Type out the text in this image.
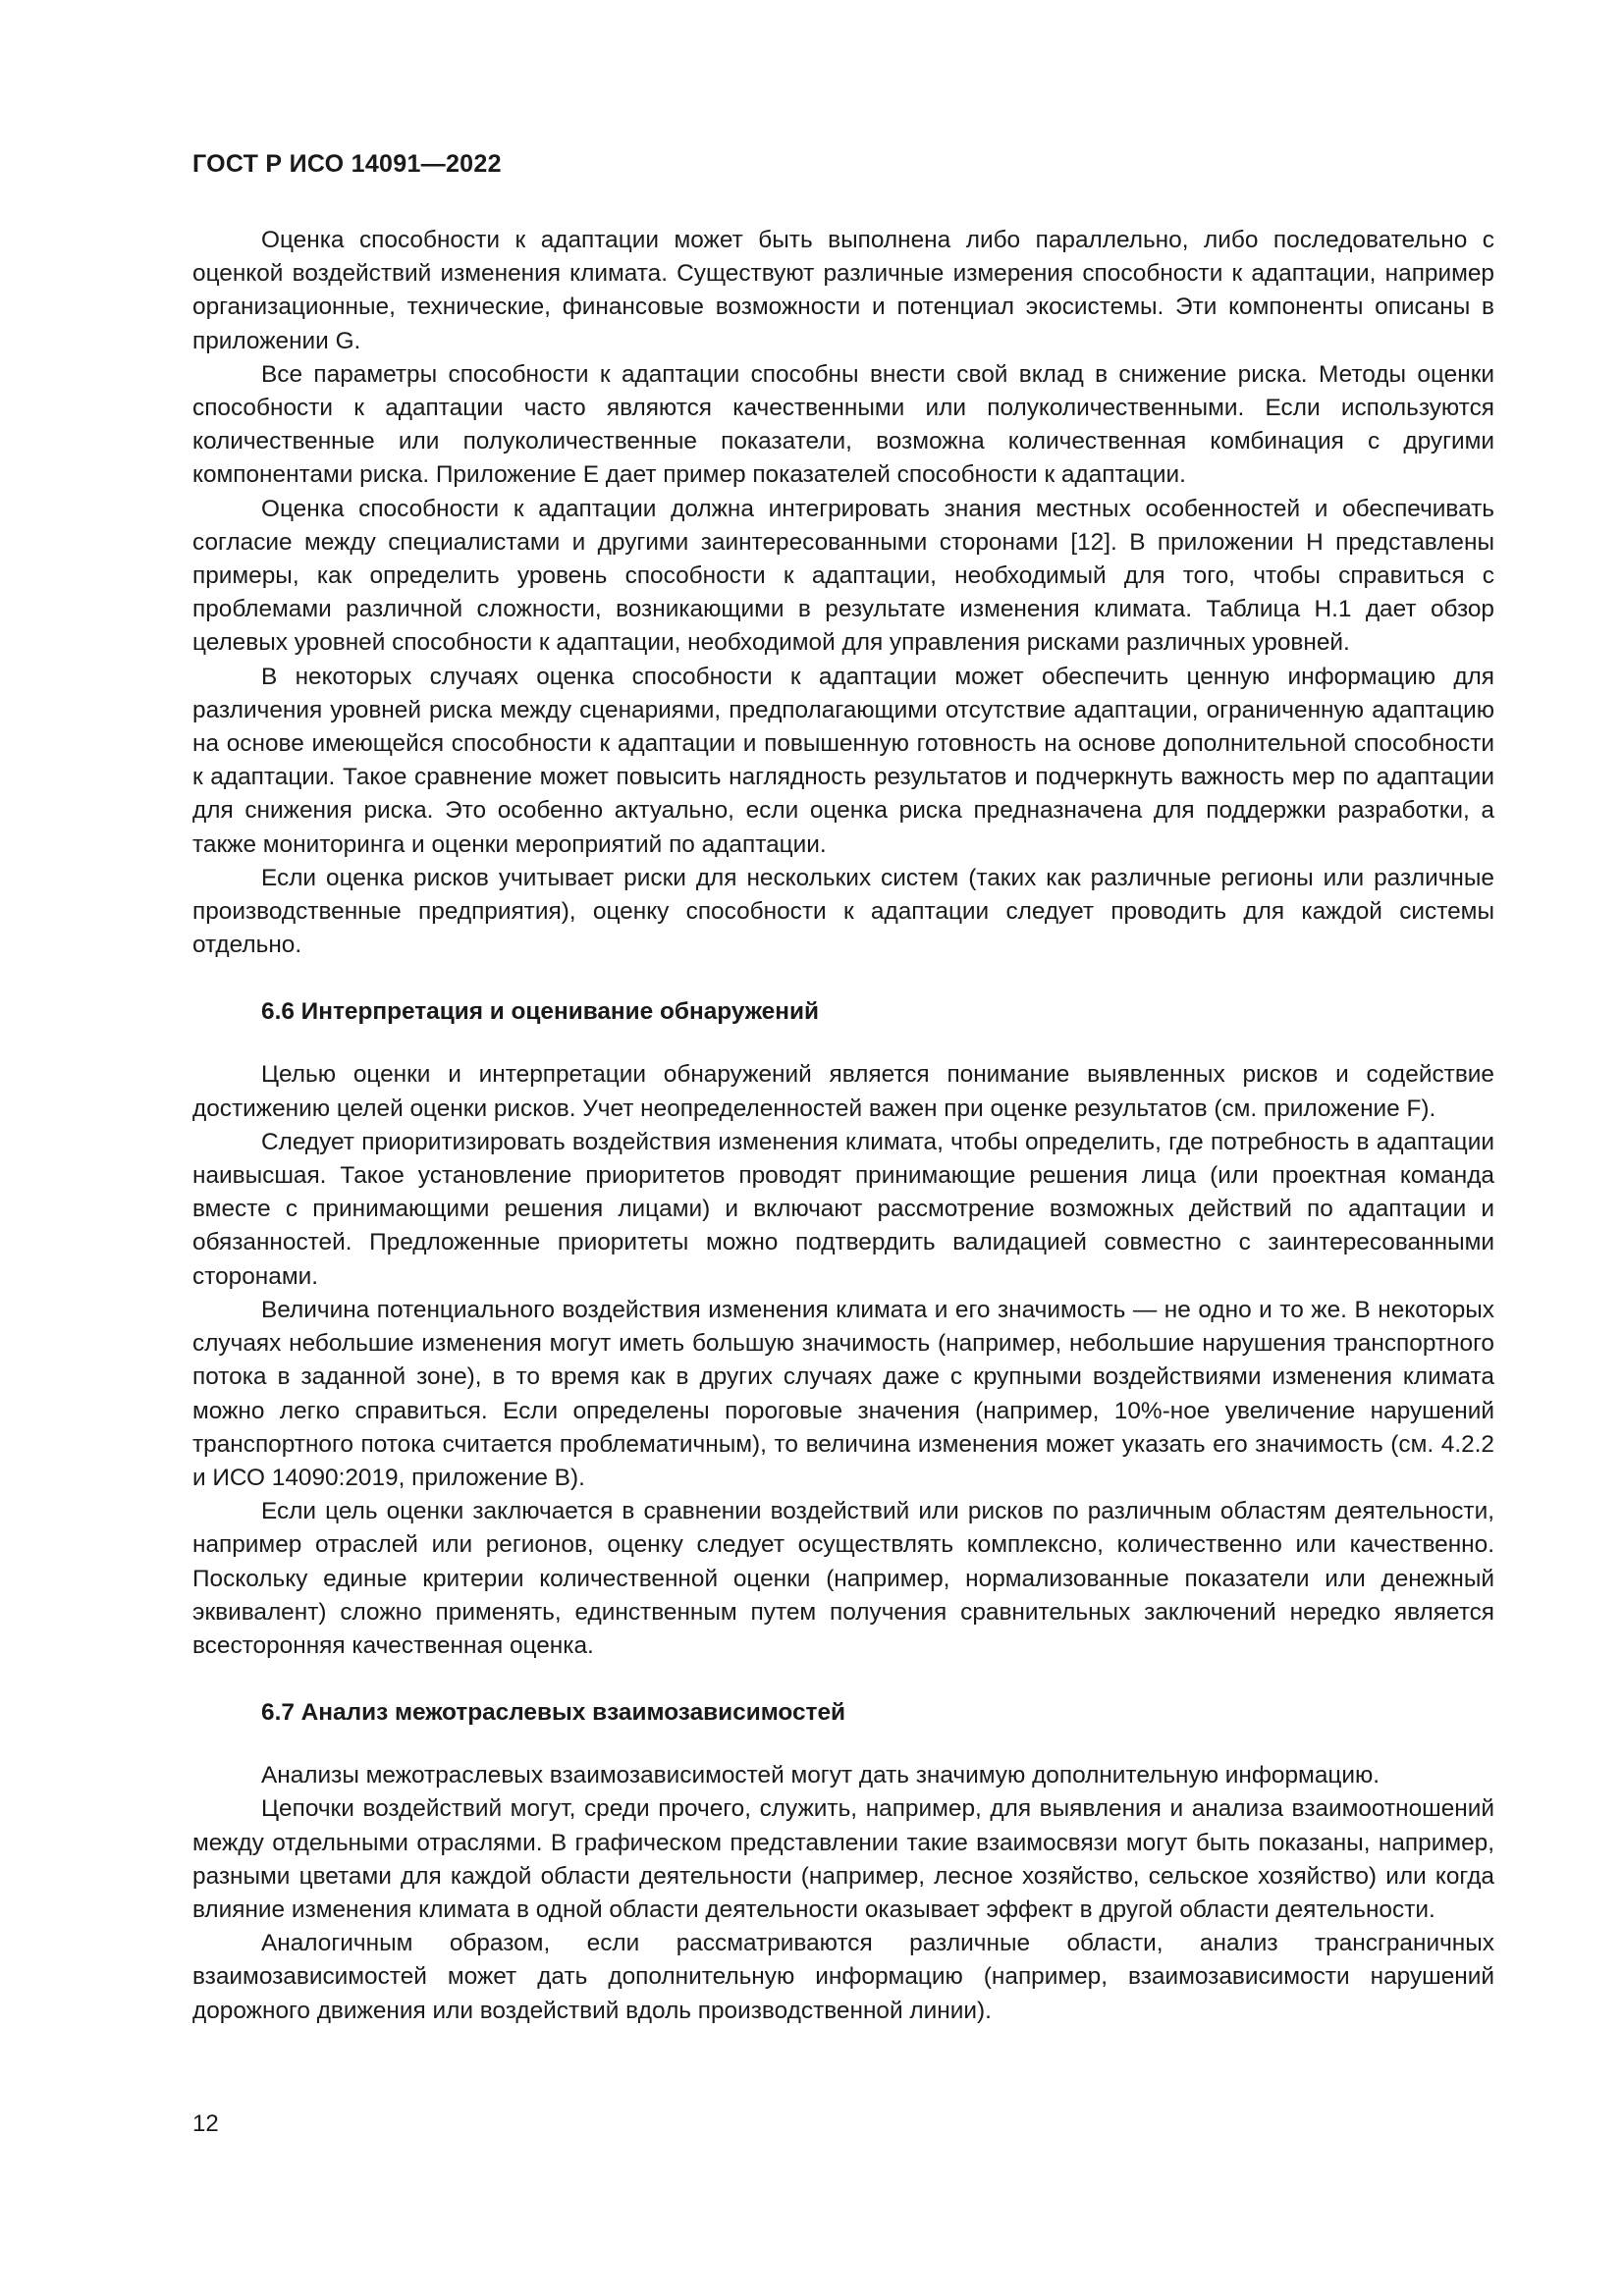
ГОСТ Р ИСО 14091—2022

Оценка способности к адаптации может быть выполнена либо параллельно, либо последовательно с оценкой воздействий изменения климата. Существуют различные измерения способности к адаптации, например организационные, технические, финансовые возможности и потенциал экосистемы. Эти компоненты описаны в приложении G.

Все параметры способности к адаптации способны внести свой вклад в снижение риска. Методы оценки способности к адаптации часто являются качественными или полуколичественными. Если используются количественные или полуколичественные показатели, возможна количественная комбинация с другими компонентами риска. Приложение Е дает пример показателей способности к адаптации.

Оценка способности к адаптации должна интегрировать знания местных особенностей и обеспечивать согласие между специалистами и другими заинтересованными сторонами [12]. В приложении Н представлены примеры, как определить уровень способности к адаптации, необходимый для того, чтобы справиться с проблемами различной сложности, возникающими в результате изменения климата. Таблица Н.1 дает обзор целевых уровней способности к адаптации, необходимой для управления рисками различных уровней.

В некоторых случаях оценка способности к адаптации может обеспечить ценную информацию для различения уровней риска между сценариями, предполагающими отсутствие адаптации, ограниченную адаптацию на основе имеющейся способности к адаптации и повышенную готовность на основе дополнительной способности к адаптации. Такое сравнение может повысить наглядность результатов и подчеркнуть важность мер по адаптации для снижения риска. Это особенно актуально, если оценка риска предназначена для поддержки разработки, а также мониторинга и оценки мероприятий по адаптации.

Если оценка рисков учитывает риски для нескольких систем (таких как различные регионы или различные производственные предприятия), оценку способности к адаптации следует проводить для каждой системы отдельно.

6.6 Интерпретация и оценивание обнаружений

Целью оценки и интерпретации обнаружений является понимание выявленных рисков и содействие достижению целей оценки рисков. Учет неопределенностей важен при оценке результатов (см. приложение F).

Следует приоритизировать воздействия изменения климата, чтобы определить, где потребность в адаптации наивысшая. Такое установление приоритетов проводят принимающие решения лица (или проектная команда вместе с принимающими решения лицами) и включают рассмотрение возможных действий по адаптации и обязанностей. Предложенные приоритеты можно подтвердить валидацией совместно с заинтересованными сторонами.

Величина потенциального воздействия изменения климата и его значимость — не одно и то же. В некоторых случаях небольшие изменения могут иметь большую значимость (например, небольшие нарушения транспортного потока в заданной зоне), в то время как в других случаях даже с крупными воздействиями изменения климата можно легко справиться. Если определены пороговые значения (например, 10%-ное увеличение нарушений транспортного потока считается проблематичным), то величина изменения может указать его значимость (см. 4.2.2 и ИСО 14090:2019, приложение В).

Если цель оценки заключается в сравнении воздействий или рисков по различным областям деятельности, например отраслей или регионов, оценку следует осуществлять комплексно, количественно или качественно. Поскольку единые критерии количественной оценки (например, нормализованные показатели или денежный эквивалент) сложно применять, единственным путем получения сравнительных заключений нередко является всесторонняя качественная оценка.

6.7 Анализ межотраслевых взаимозависимостей

Анализы межотраслевых взаимозависимостей могут дать значимую дополнительную информацию.

Цепочки воздействий могут, среди прочего, служить, например, для выявления и анализа взаимоотношений между отдельными отраслями. В графическом представлении такие взаимосвязи могут быть показаны, например, разными цветами для каждой области деятельности (например, лесное хозяйство, сельское хозяйство) или когда влияние изменения климата в одной области деятельности оказывает эффект в другой области деятельности.

Аналогичным образом, если рассматриваются различные области, анализ трансграничных взаимозависимостей может дать дополнительную информацию (например, взаимозависимости нарушений дорожного движения или воздействий вдоль производственной линии).

12
